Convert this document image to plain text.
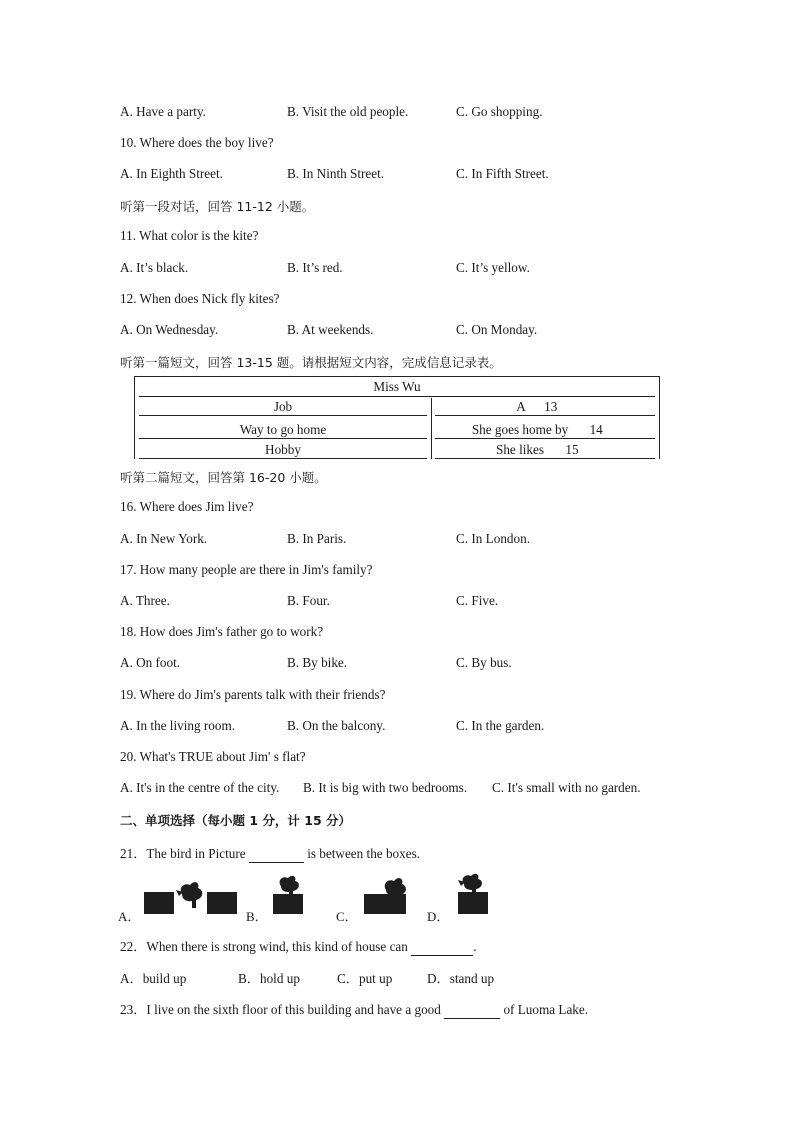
A. Have a party.	B. Visit the old people.	C. Go shopping.
10. Where does the boy live?
A. In Eighth Street.	B. In Ninth Street.	C. In Fifth Street.
听第一段对话，回答 11-12 小题。
11. What color is the kite?
A. It’s black.	B. It’s red.	C. It’s yellow.
12. When does Nick fly kites?
A. On Wednesday.	B. At weekends.	C. On Monday.
听第一篇短文，回答 13-15 题。请根据短文内容，完成信息记录表。
Miss Wu
Job	A 13
Way to go home	She goes home by 14
Hobby	She likes 15
听第二篇短文，回答第 16-20 小题。
16. Where does Jim live?
A. In New York.	B. In Paris.	C. In London.
17. How many people are there in Jim's family?
A. Three.	B. Four.	C. Five.
18. How does Jim's father go to work?
A. On foot.	B. By bike.	C. By bus.
19. Where do Jim's parents talk with their friends?
A. In the living room.	B. On the balcony.	C. In the garden.
20. What's TRUE about Jim' s flat?
A. It's in the centre of the city. B. It is big with two bedrooms. C. It's small with no garden.
二、单项选择（每小题 1 分，计 15 分）
21．The bird in Picture	is between the boxes.
A．	B．	C．	D．
22．When there is strong wind, this kind of house can	.
A．build up	B．hold up	C．put up	D．stand up
23．I live on the sixth floor of this building and have a good	of Luoma Lake.
